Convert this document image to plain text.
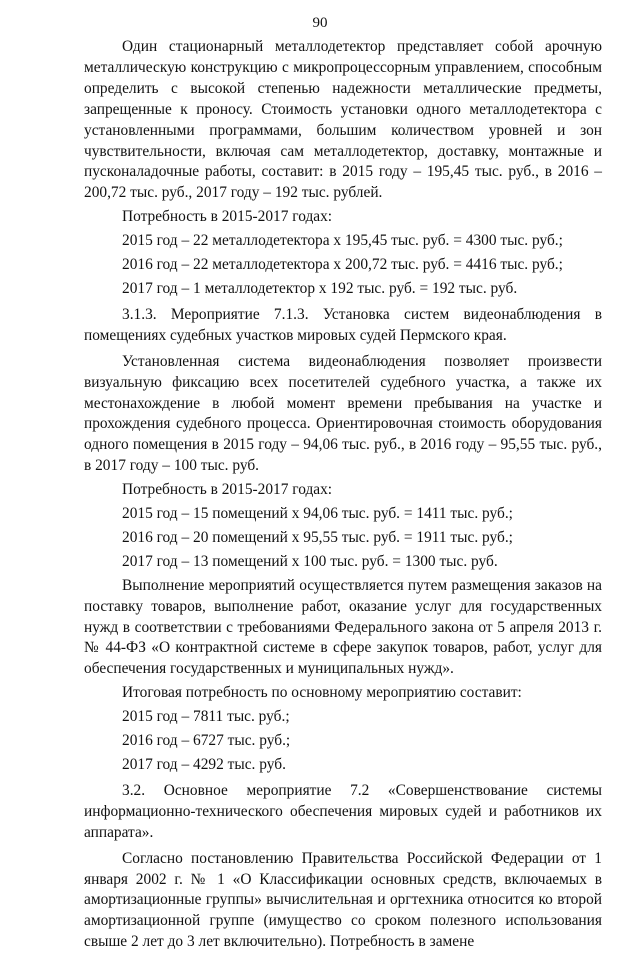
90

Один стационарный металлодетектор представляет собой арочную металлическую конструкцию с микропроцессорным управлением, способным определить с высокой степенью надежности металлические предметы, запрещенные к проносу. Стоимость установки одного металлодетектора с установленными программами, большим количеством уровней и зон чувствительности, включая сам металлодетектор, доставку, монтажные и пусконаладочные работы, составит: в 2015 году – 195,45 тыс. руб., в 2016 – 200,72 тыс. руб., 2017 году – 192 тыс. рублей.

Потребность в 2015-2017 годах:

2015 год – 22 металлодетектора х 195,45 тыс. руб. = 4300 тыс. руб.;

2016 год – 22 металлодетектора х 200,72 тыс. руб. = 4416 тыс. руб.;

2017 год – 1 металлодетектор х 192 тыс. руб. = 192 тыс. руб.

3.1.3. Мероприятие 7.1.3. Установка систем видеонаблюдения в помещениях судебных участков мировых судей Пермского края.

Установленная система видеонаблюдения позволяет произвести визуальную фиксацию всех посетителей судебного участка, а также их местонахождение в любой момент времени пребывания на участке и прохождения судебного процесса. Ориентировочная стоимость оборудования одного помещения в 2015 году – 94,06 тыс. руб., в 2016 году – 95,55 тыс. руб., в 2017 году – 100 тыс. руб.

Потребность в 2015-2017 годах:

2015 год – 15 помещений х 94,06 тыс. руб. = 1411 тыс. руб.;

2016 год – 20 помещений х 95,55 тыс. руб. = 1911 тыс. руб.;

2017 год – 13 помещений х 100 тыс. руб. = 1300 тыс. руб.

Выполнение мероприятий осуществляется путем размещения заказов на поставку товаров, выполнение работ, оказание услуг для государственных нужд в соответствии с требованиями Федерального закона от 5 апреля 2013 г. № 44-ФЗ «О контрактной системе в сфере закупок товаров, работ, услуг для обеспечения государственных и муниципальных нужд».

Итоговая потребность по основному мероприятию составит:

2015 год – 7811 тыс. руб.;

2016 год – 6727 тыс. руб.;

2017 год – 4292 тыс. руб.

3.2. Основное мероприятие 7.2 «Совершенствование системы информационно-технического обеспечения мировых судей и работников их аппарата».

Согласно постановлению Правительства Российской Федерации от 1 января 2002 г. № 1 «О Классификации основных средств, включаемых в амортизационные группы» вычислительная и оргтехника относится ко второй амортизационной группе (имущество со сроком полезного использования свыше 2 лет до 3 лет включительно). Потребность в замене
